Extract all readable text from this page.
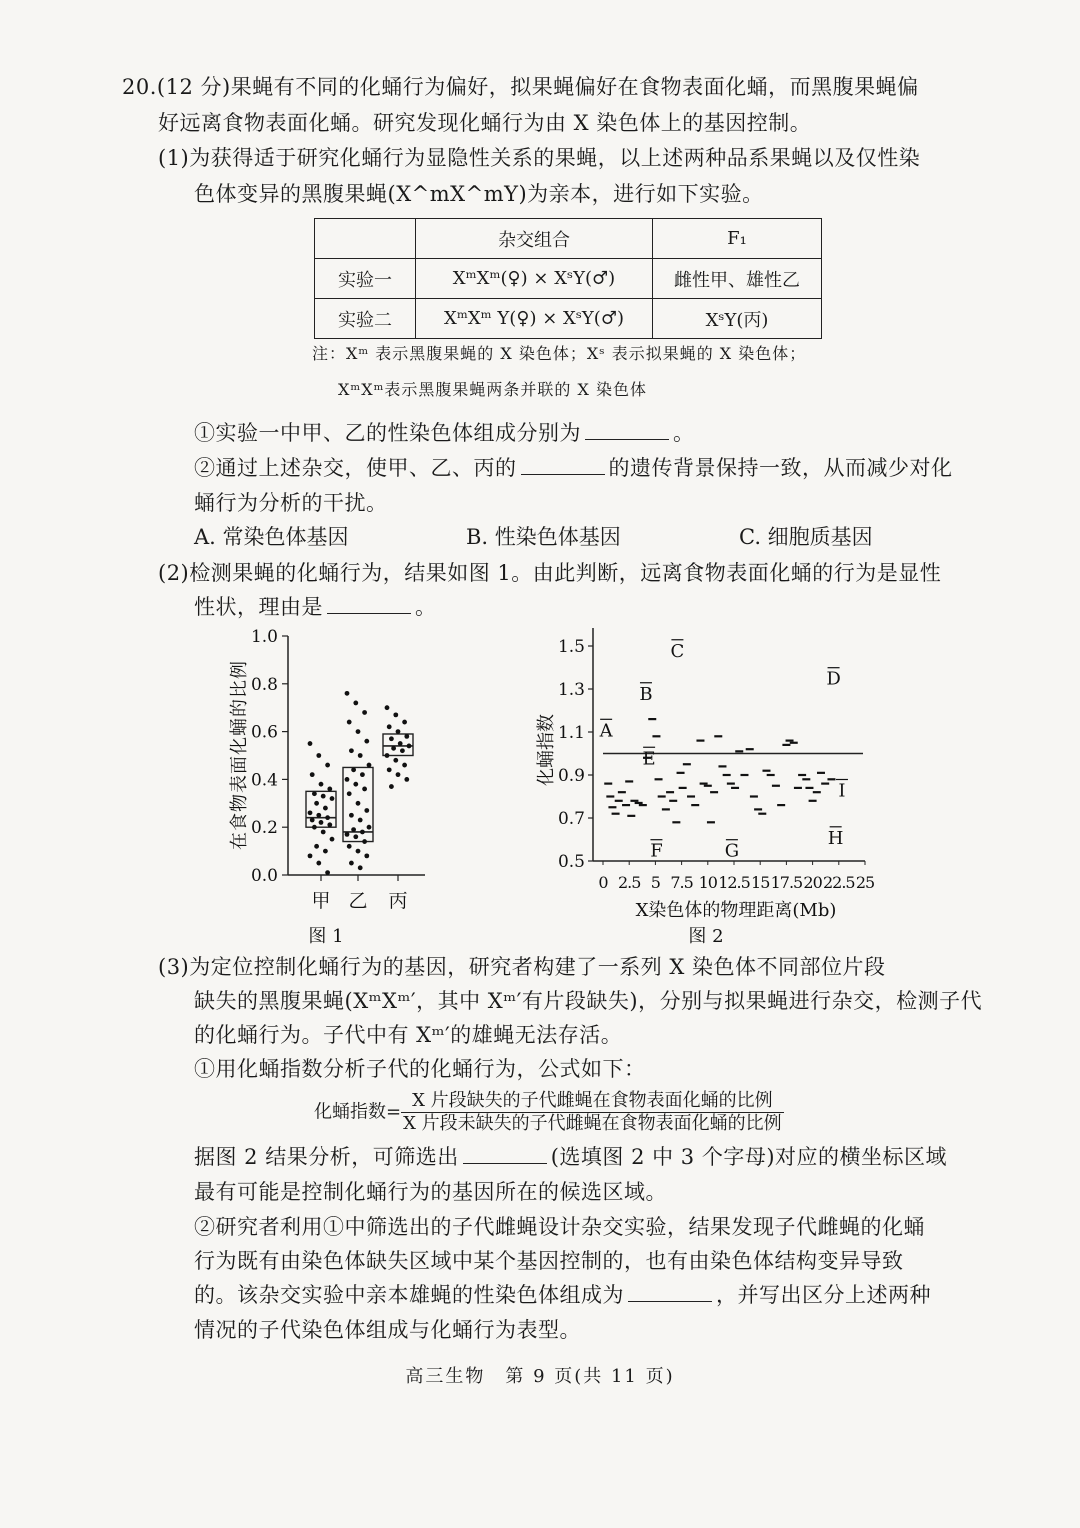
20.(12 分)果蝇有不同的化蛹行为偏好，拟果蝇偏好在食物表面化蛹，而黑腹果蝇偏
好远离食物表面化蛹。研究发现化蛹行为由 X 染色体上的基因控制。
(1)为获得适于研究化蛹行为显隐性关系的果蝇，以上述两种品系果蝇以及仅性染
色体变异的黑腹果蝇(X^mX^mY)为亲本，进行如下实验。
	杂交组合	F₁
实验一	XᵐXᵐ(♀) × XˢY(♂)	雌性甲、雄性乙
实验二	XᵐXᵐ Y(♀) × XˢY(♂)	XˢY(丙)
注：Xᵐ 表示黑腹果蝇的 X 染色体；Xˢ 表示拟果蝇的 X 染色体；
XᵐXᵐ表示黑腹果蝇两条并联的 X 染色体
①实验一中甲、乙的性染色体组成分别为	。
②通过上述杂交，使甲、乙、丙的	的遗传背景保持一致，从而减少对化
蛹行为分析的干扰。
A. 常染色体基因	B. 性染色体基因	C. 细胞质基因
(2)检测果蝇的化蛹行为，结果如图 1。由此判断，远离食物表面化蛹的行为是显性
性状，理由是	。
0.0
0.2
0.4
0.6
0.8
1.0
甲 乙 丙
在食物表面化蛹的比例
图 1
0.5
0.7
0.9
1.1
1.3
1.5
0 2.5 5 7.5 10 12.5 15 17.5 20 22.5 25
X染色体的物理距离(Mb)
化蛹指数
图 2
A
B
C
D
E
F	G
H
I
(3)为定位控制化蛹行为的基因，研究者构建了一系列 X 染色体不同部位片段
缺失的黑腹果蝇(XᵐXᵐ′，其中 Xᵐ′有片段缺失)，分别与拟果蝇进行杂交，检测子代
的化蛹行为。子代中有 Xᵐ′的雄蝇无法存活。
①用化蛹指数分析子代的化蛹行为，公式如下：
化蛹指数= $\frac{\text{X 片段缺失的子代雌蝇在食物表面化蛹的比例}}{\text{X 片段未缺失的子代雌蝇在食物表面化蛹的比例}}$
据图 2 结果分析，可筛选出	(选填图 2 中 3 个字母)对应的横坐标区域
最有可能是控制化蛹行为的基因所在的候选区域。
②研究者利用①中筛选出的子代雌蝇设计杂交实验，结果发现子代雌蝇的化蛹
行为既有由染色体缺失区域中某个基因控制的，也有由染色体结构变异导致
的。该杂交实验中亲本雄蝇的性染色体组成为	，并写出区分上述两种
情况的子代染色体组成与化蛹行为表型。
高三生物　第 9 页(共 11 页)
